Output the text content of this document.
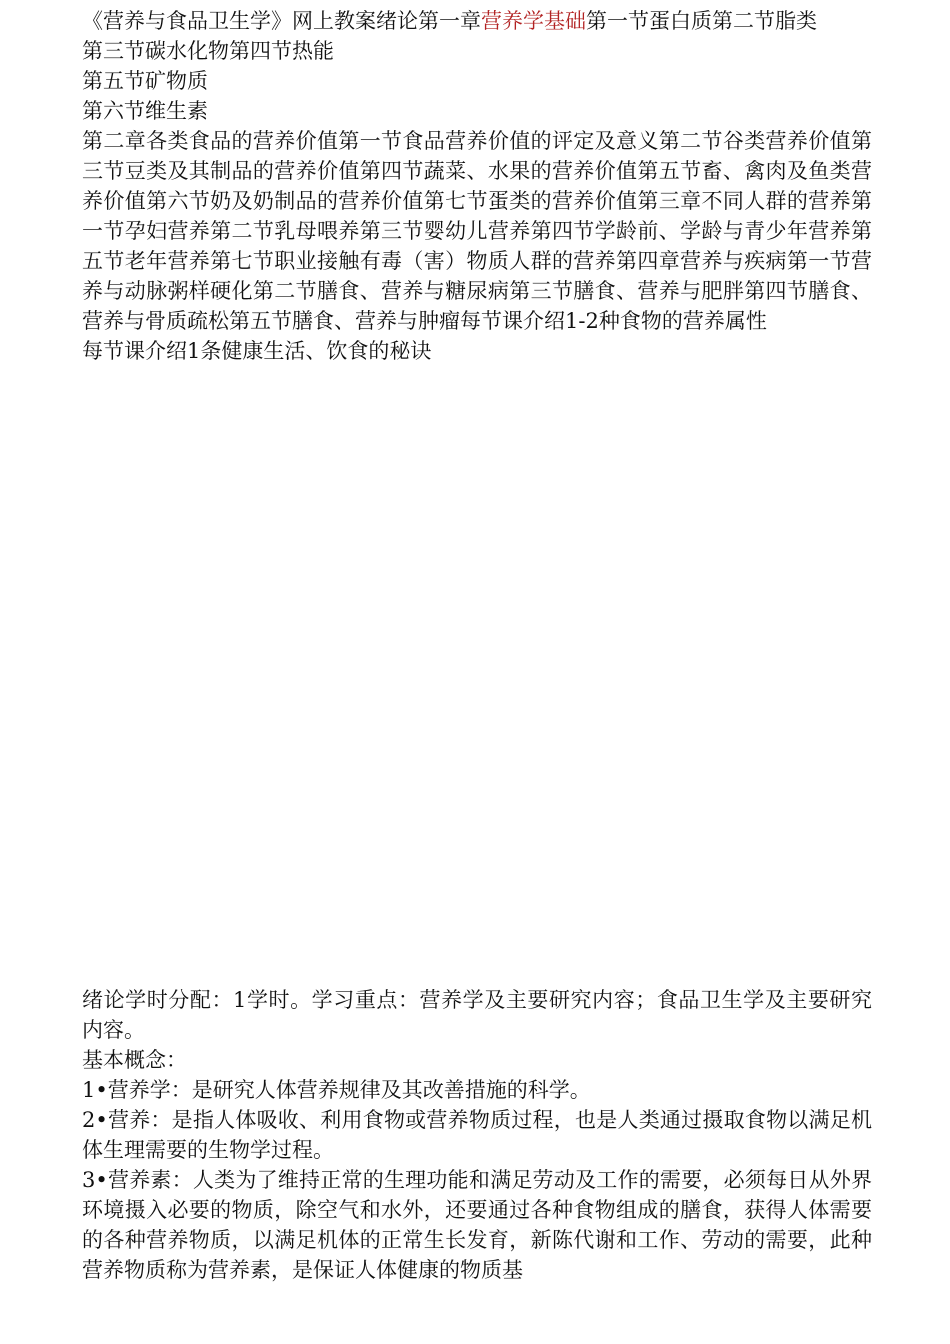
《营养与食品卫生学》网上教案绪论第一章营养学基础第一节蛋白质第二节脂类

第三节碳水化物第四节热能

第五节矿物质

第六节维生素

第二章各类食品的营养价值第一节食品营养价值的评定及意义第二节谷类营养价值第三节豆类及其制品的营养价值第四节蔬菜、水果的营养价值第五节畜、禽肉及鱼类营养价值第六节奶及奶制品的营养价值第七节蛋类的营养价值第三章不同人群的营养第一节孕妇营养第二节乳母喂养第三节婴幼儿营养第四节学龄前、学龄与青少年营养第五节老年营养第七节职业接触有毒（害）物质人群的营养第四章营养与疾病第一节营养与动脉粥样硬化第二节膳食、营养与糖尿病第三节膳食、营养与肥胖第四节膳食、营养与骨质疏松第五节膳食、营养与肿瘤每节课介绍1-2种食物的营养属性

每节课介绍1条健康生活、饮食的秘诀

绪论学时分配：1学时。学习重点：营养学及主要研究内容；食品卫生学及主要研究内容。

基本概念：

1•营养学：是研究人体营养规律及其改善措施的科学。

2•营养：是指人体吸收、利用食物或营养物质过程，也是人类通过摄取食物以满足机体生理需要的生物学过程。

3•营养素：人类为了维持正常的生理功能和满足劳动及工作的需要，必须每日从外界环境摄入必要的物质，除空气和水外，还要通过各种食物组成的膳食，获得人体需要的各种营养物质，以满足机体的正常生长发育，新陈代谢和工作、劳动的需要，此种营养物质称为营养素，是保证人体健康的物质基
